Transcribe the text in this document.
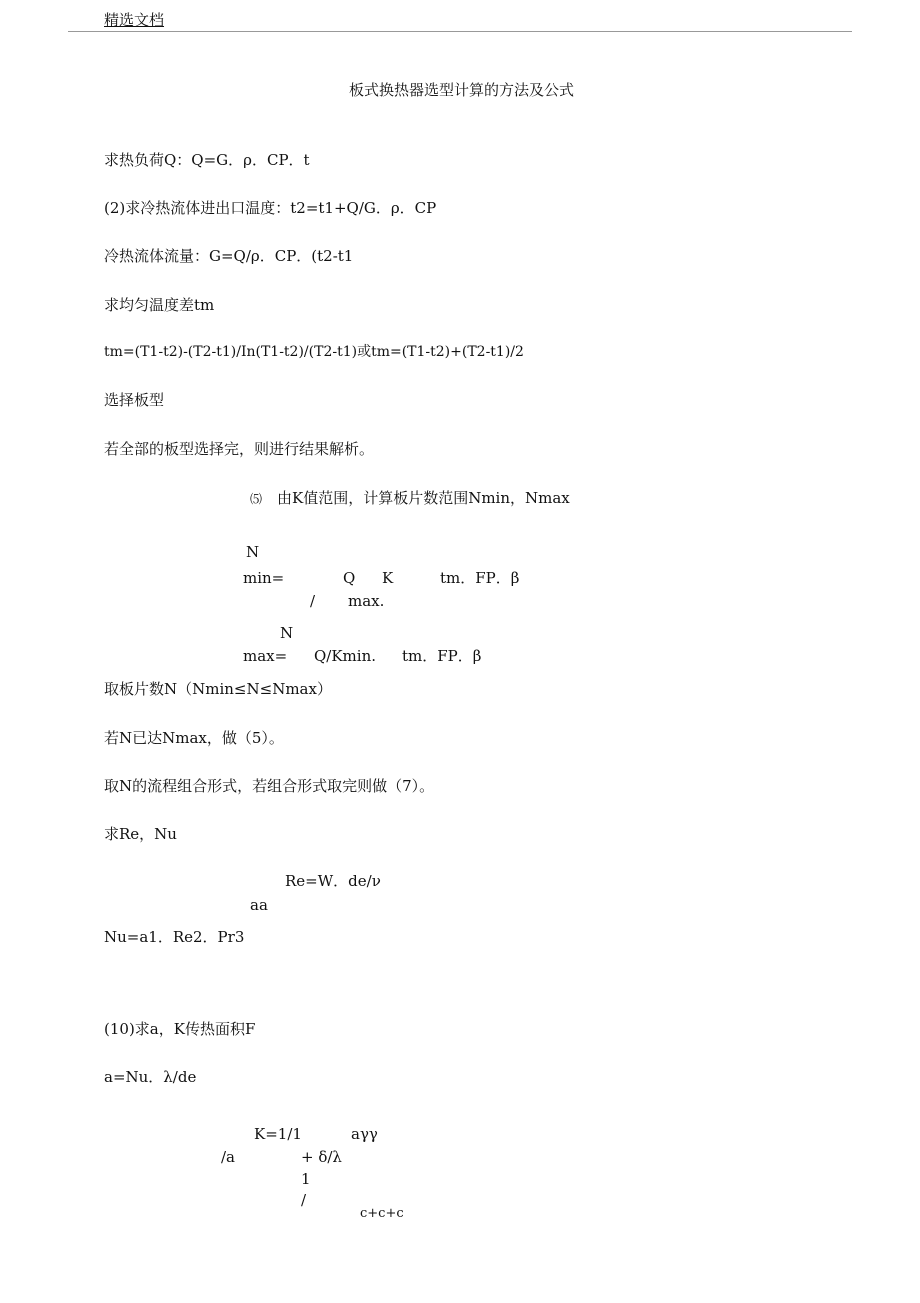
精选文档
板式换热器选型计算的方法及公式
求热负荷Q：Q=G．ρ．CP．t
(2)求冷热流体进出口温度：t2=t1+Q/G．ρ．CP
冷热流体流量：G=Q/ρ．CP．(t2-t1
求均匀温度差tm
tm=(T1-t2)-(T2-t1)/In(T1-t2)/(T2-t1)或tm=(T1-t2)+(T2-t1)/2
选择板型
若全部的板型选择完，则进行结果解析。
⑸ 由K值范围，计算板片数范围Nmin，Nmax
N
min=	Q K	tm．FP．β
/ max.
N
max= Q/Kmin. tm．FP．β
取板片数N（Nmin≤N≤Nmax）
若N已达Nmax，做（5）。
取N的流程组合形式，若组合形式取完则做（7）。
求Re，Nu
Re=W．de/ν
aa
Nu=a1．Re2．Pr3
(10)求a，K传热面积F
a=Nu．λ/de
K=1/1	aγγ
/a	+ δ/λ
1
/
c+c+c
